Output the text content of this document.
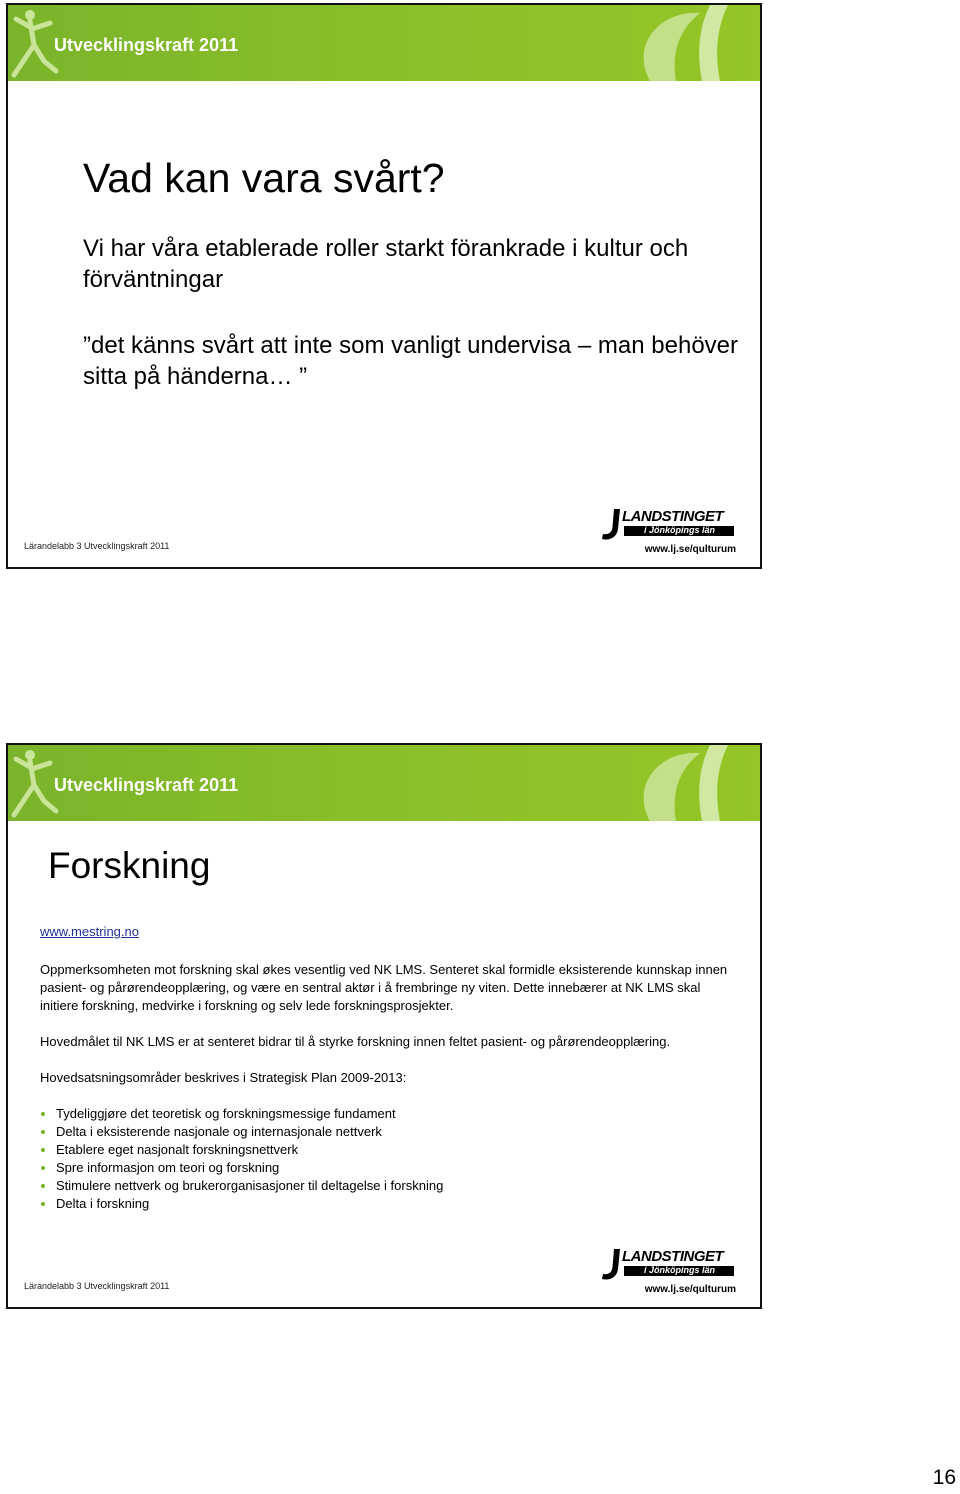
Utvecklingskraft 2011
Vad kan vara svårt?

Vi har våra etablerade roller starkt förankrade i kultur och förväntningar

”det känns svårt att inte som vanligt undervisa – man behöver sitta på händerna… ”

Lärandelabb 3 Utvecklingskraft 2011
LANDSTINGET
i Jönköpings län
www.lj.se/qulturum
Utvecklingskraft 2011
Forskning
www.mestring.no

Oppmerksomheten mot forskning skal økes vesentlig ved NK LMS. Senteret skal formidle eksisterende kunnskap innen pasient- og pårørendeopplæring, og være en sentral aktør i å frembringe ny viten. Dette innebærer at NK LMS skal initiere forskning, medvirke i forskning og selv lede forskningsprosjekter.

Hovedmålet til NK LMS er at senteret bidrar til å styrke forskning innen feltet pasient- og pårørendeopplæring.

Hovedsatsningsområder beskrives i Strategisk Plan 2009-2013:

Tydeliggjøre det teoretisk og forskningsmessige fundament
Delta i eksisterende nasjonale og internasjonale nettverk
Etablere eget nasjonalt forskningsnettverk
Spre informasjon om teori og forskning
Stimulere nettverk og brukerorganisasjoner til deltagelse i forskning
Delta i forskning
Lärandelabb 3 Utvecklingskraft 2011
LANDSTINGET
i Jönköpings län
www.lj.se/qulturum
16
